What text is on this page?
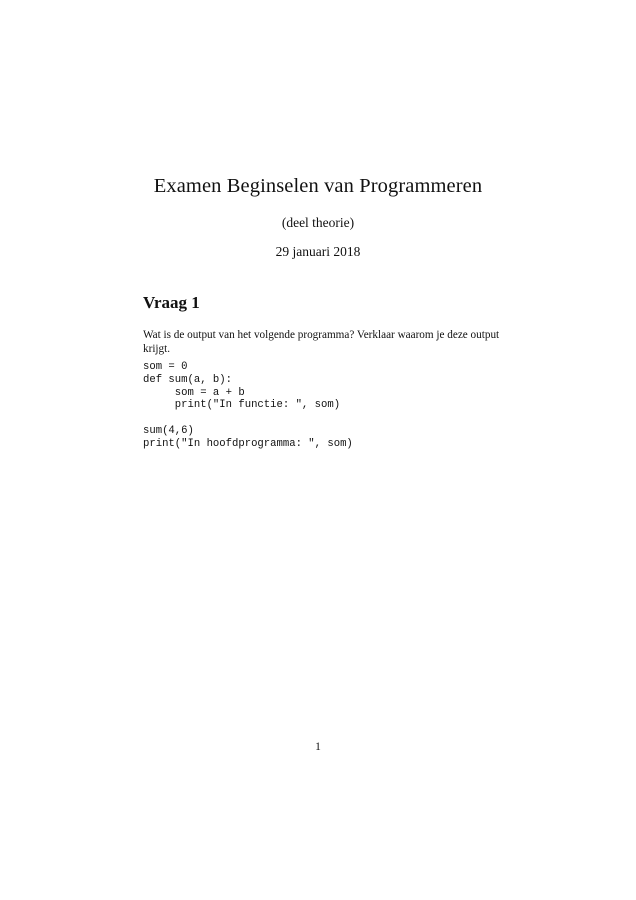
Examen Beginselen van Programmeren
(deel theorie)
29 januari 2018
Vraag 1
Wat is de output van het volgende programma? Verklaar waarom je deze output krijgt.
som = 0
def sum(a, b):
som = a + b
print("In functie: ", som)
sum(4,6)
print("In hoofdprogramma: ", som)
1
